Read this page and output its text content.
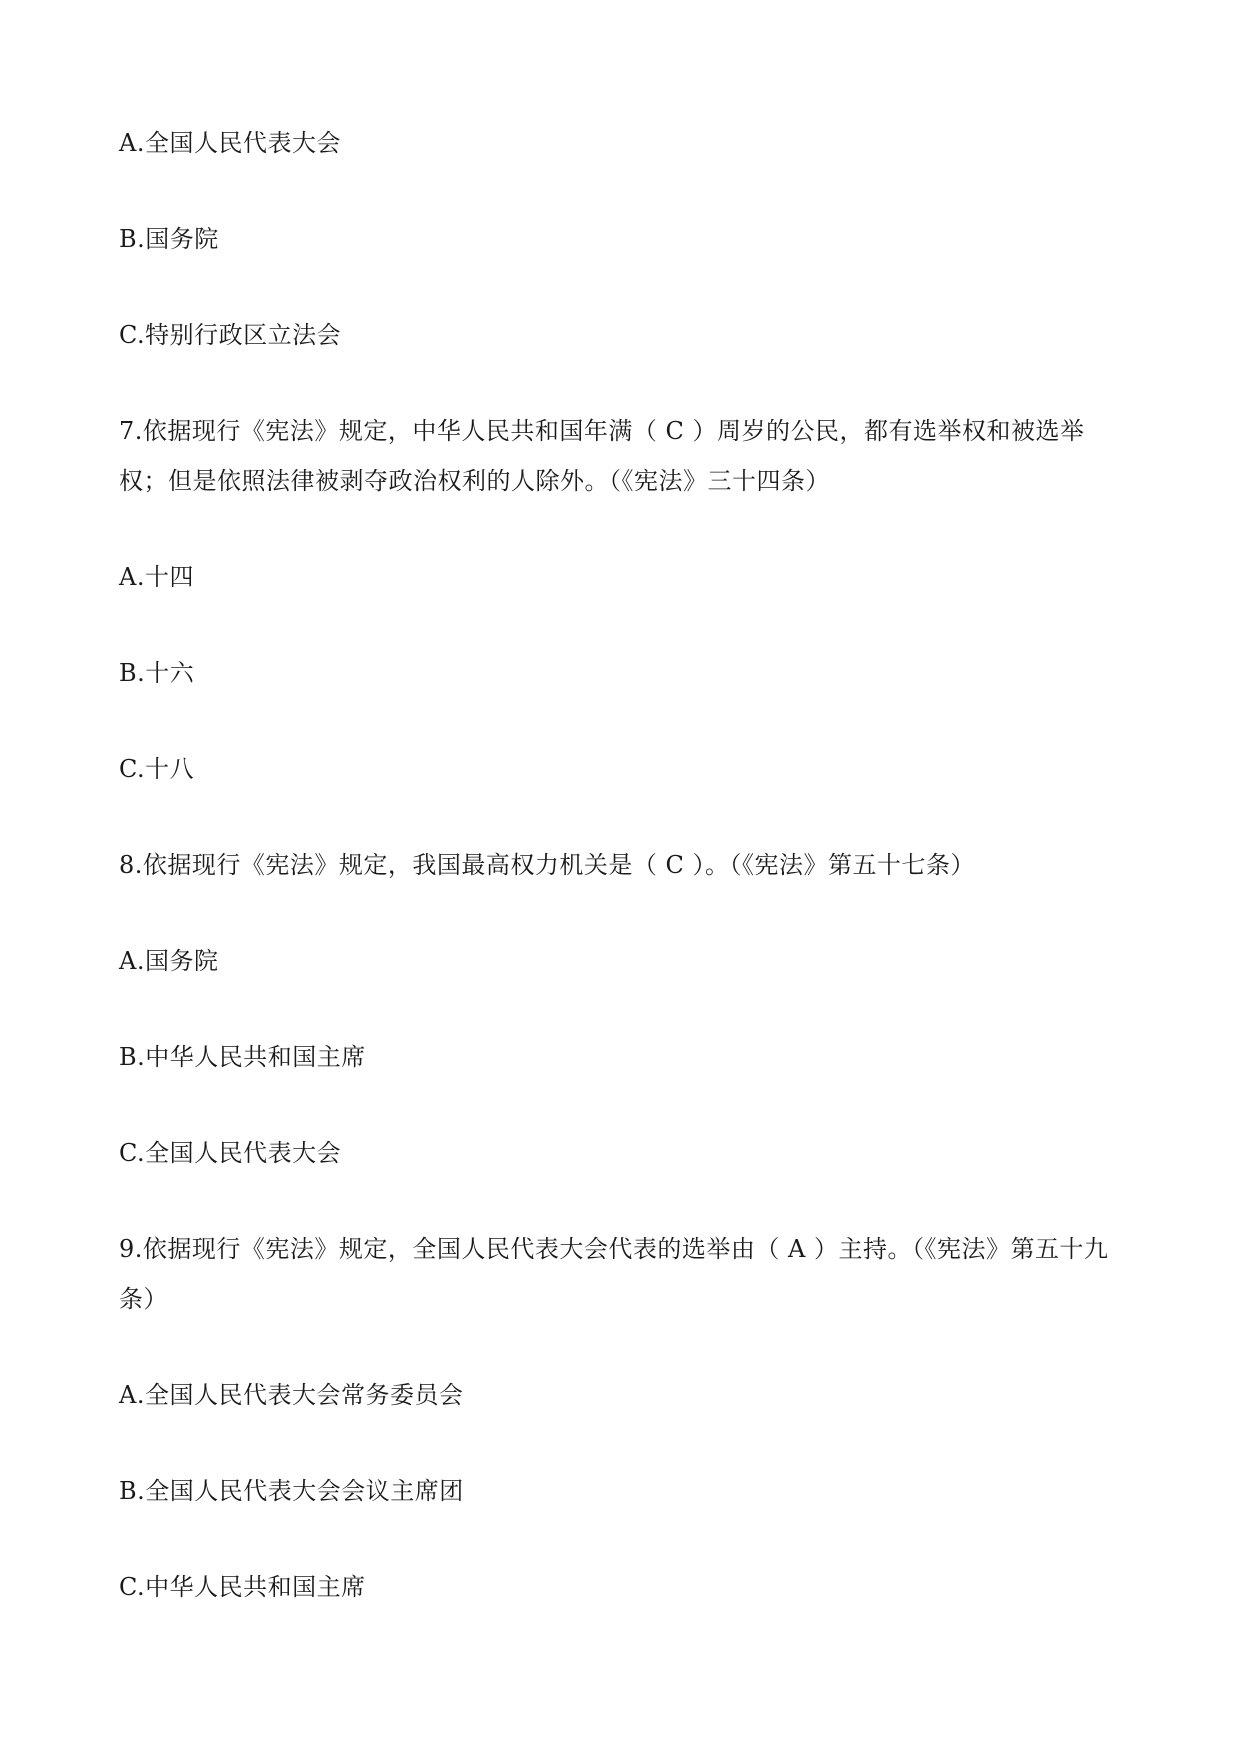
A.全国人民代表大会
B.国务院
C.特别行政区立法会
7.依据现行《宪法》规定，中华人民共和国年满（ C ）周岁的公民，都有选举权和被选举权；但是依照法律被剥夺政治权利的人除外。（《宪法》三十四条）
A.十四
B.十六
C.十八
8.依据现行《宪法》规定，我国最高权力机关是（ C ）。（《宪法》第五十七条）
A.国务院
B.中华人民共和国主席
C.全国人民代表大会
9.依据现行《宪法》规定，全国人民代表大会代表的选举由（ A ）主持。（《宪法》第五十九条）
A.全国人民代表大会常务委员会
B.全国人民代表大会会议主席团
C.中华人民共和国主席
